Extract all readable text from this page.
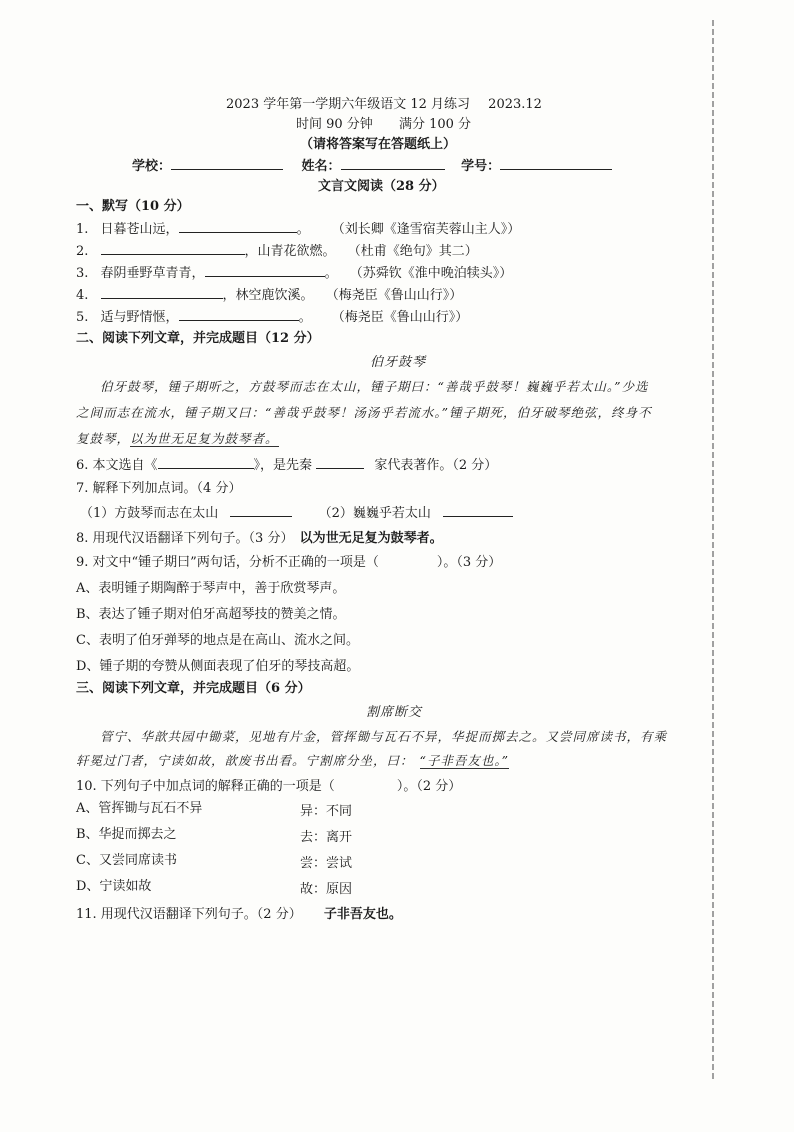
2023 学年第一学期六年级语文 12 月练习 2023.12
时间 90 分钟 满分 100 分
（请将答案写在答题纸上）
学校：	姓名：	学号：
文言文阅读（28 分）
一、默写（10 分）
1. 日暮苍山远，	。 （刘长卿《逢雪宿芙蓉山主人》）
2.	，山青花欲燃。 （杜甫《绝句》其二）
3. 春阴垂野草青青，	。 （苏舜钦《淮中晚泊犊头》）
4.	，林空鹿饮溪。 （梅尧臣《鲁山山行》）
5. 适与野情惬，	。 （梅尧臣《鲁山山行》）
二、阅读下列文章，并完成题目（12 分）
伯牙鼓琴
伯牙鼓琴，锺子期听之，方鼓琴而志在太山，锺子期曰：“善哉乎鼓琴！巍巍乎若太山。”少选
之间而志在流水，锺子期又曰：“善哉乎鼓琴！汤汤乎若流水。”锺子期死，伯牙破琴绝弦，终身不
复鼓琴，以为世无足复为鼓琴者。
6. 本文选自《	》，是先秦	家代表著作。（2 分）
7. 解释下列加点词。（4 分）
（1）方鼓琴而志在太山	（2）巍巍乎若太山
8. 用现代汉语翻译下列句子。（3 分） 以为世无足复为鼓琴者。
9. 对文中“锺子期曰”两句话，分析不正确的一项是（	）。（3 分）
A、表明锺子期陶醉于琴声中，善于欣赏琴声。
B、表达了锺子期对伯牙高超琴技的赞美之情。
C、表明了伯牙弹琴的地点是在高山、流水之间。
D、锺子期的夸赞从侧面表现了伯牙的琴技高超。
三、阅读下列文章，并完成题目（6 分）
割席断交
管宁、华歆共园中锄菜，见地有片金，管挥锄与瓦石不异，华捉而掷去之。又尝同席读书，有乘
轩冕过门者，宁读如故，歆废书出看。宁割席分坐，曰： “子非吾友也。”
10. 下列句子中加点词的解释正确的一项是（	）。（2 分）
A、管挥锄与瓦石不异	异：不同
B、华捉而掷去之	去：离开
C、又尝同席读书	尝：尝试
D、宁读如故	故：原因
11. 用现代汉语翻译下列句子。（2 分） 子非吾友也。
